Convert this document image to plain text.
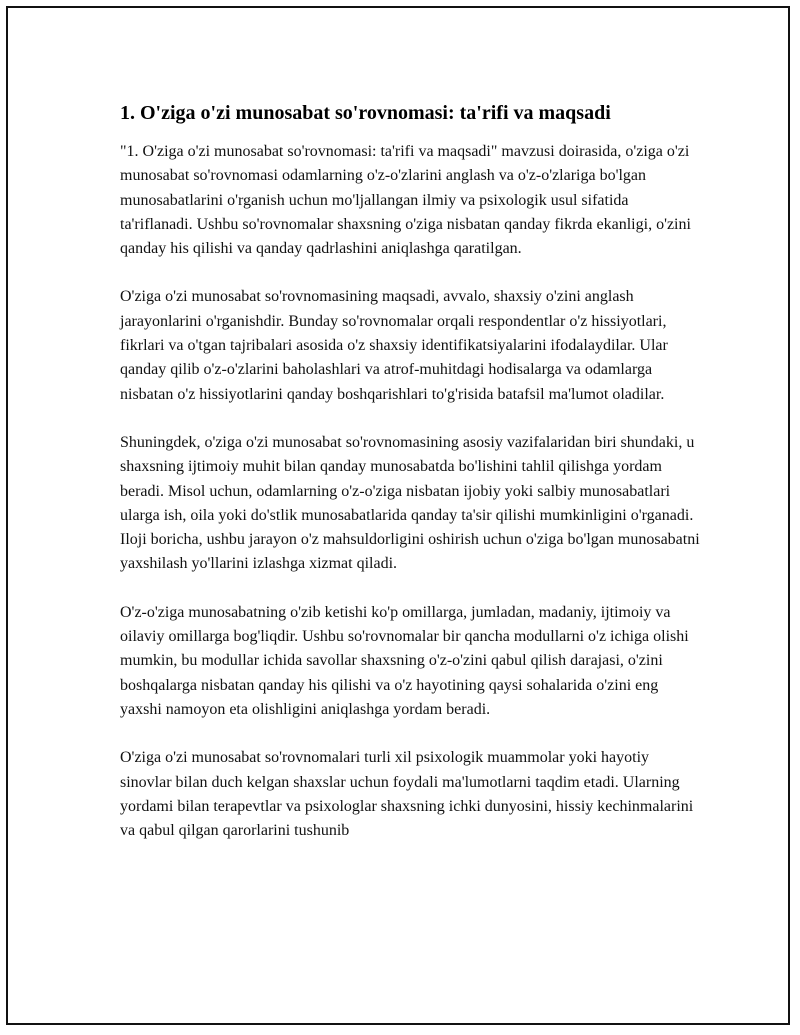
1. O'ziga o'zi munosabat so'rovnomasi: ta'rifi va maqsadi

"1. O'ziga o'zi munosabat so'rovnomasi: ta'rifi va maqsadi" mavzusi doirasida, o'ziga o'zi munosabat so'rovnomasi odamlarning o'z-o'zlarini anglash va o'z-o'zlariga bo'lgan munosabatlarini o'rganish uchun mo'ljallangan ilmiy va psixologik usul sifatida ta'riflanadi. Ushbu so'rovnomalar shaxsning o'ziga nisbatan qanday fikrda ekanligi, o'zini qanday his qilishi va qanday qadrlashini aniqlashga qaratilgan.

O'ziga o'zi munosabat so'rovnomasining maqsadi, avvalo, shaxsiy o'zini anglash jarayonlarini o'rganishdir. Bunday so'rovnomalar orqali respondentlar o'z hissiyotlari, fikrlari va o'tgan tajribalari asosida o'z shaxsiy identifikatsiyalarini ifodalaydilar. Ular qanday qilib o'z-o'zlarini baholashlari va atrof-muhitdagi hodisalarga va odamlarga nisbatan o'z hissiyotlarini qanday boshqarishlari to'g'risida batafsil ma'lumot oladilar.

Shuningdek, o'ziga o'zi munosabat so'rovnomasining asosiy vazifalaridan biri shundaki, u shaxsning ijtimoiy muhit bilan qanday munosabatda bo'lishini tahlil qilishga yordam beradi. Misol uchun, odamlarning o'z-o'ziga nisbatan ijobiy yoki salbiy munosabatlari ularga ish, oila yoki do'stlik munosabatlarida qanday ta'sir qilishi mumkinligini o'rganadi. Iloji boricha, ushbu jarayon o'z mahsuldorligini oshirish uchun o'ziga bo'lgan munosabatni yaxshilash yo'llarini izlashga xizmat qiladi.

O'z-o'ziga munosabatning o'zib ketishi ko'p omillarga, jumladan, madaniy, ijtimoiy va oilaviy omillarga bog'liqdir. Ushbu so'rovnomalar bir qancha modullarni o'z ichiga olishi mumkin, bu modullar ichida savollar shaxsning o'z-o'zini qabul qilish darajasi, o'zini boshqalarga nisbatan qanday his qilishi va o'z hayotining qaysi sohalarida o'zini eng yaxshi namoyon eta olishligini aniqlashga yordam beradi.

O'ziga o'zi munosabat so'rovnomalari turli xil psixologik muammolar yoki hayotiy sinovlar bilan duch kelgan shaxslar uchun foydali ma'lumotlarni taqdim etadi. Ularning yordami bilan terapevtlar va psixologlar shaxsning ichki dunyosini, hissiy kechinmalarini va qabul qilgan qarorlarini tushunib
